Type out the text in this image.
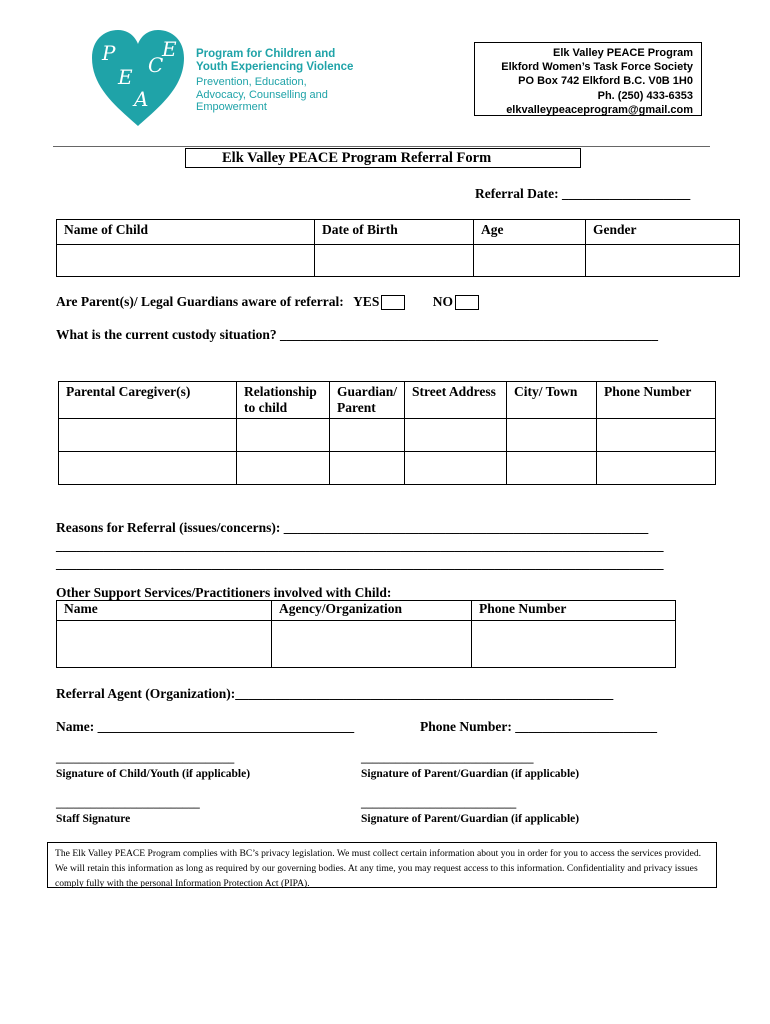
P
E
A
C
E Program for Children and Youth Experiencing Violence
Prevention, Education, Advocacy, Counselling and Empowerment
Elk Valley PEACE Program
Elkford Women’s Task Force Society
PO Box 742 Elkford B.C. V0B 1H0
Ph. (250) 433-6353
elkvalleypeaceprogram@gmail.com
Elk Valley PEACE Program Referral Form
Referral Date: ___________________
Name of Child	Date of Birth	Age	Gender

Are Parent(s)/ Legal Guardians aware of referral: YES	NO
What is the current custody situation? ________________________________________________________
Parental Caregiver(s)	Relationship to child	Guardian/ Parent	Street Address	City/ Town	Phone Number

Reasons for Referral (issues/concerns): ______________________________________________________
__________________________________________________________________________________________
__________________________________________________________________________________________
Other Support Services/Practitioners involved with Child:
Name	Agency/Organization	Phone Number

Referral Agent (Organization):________________________________________________________
Name: ______________________________________	Phone Number: _____________________
_______________________________
Signature of Child/Youth (if applicable)
______________________________
Signature of Parent/Guardian (if applicable)
_________________________
Staff Signature
___________________________
Signature of Parent/Guardian (if applicable)
The Elk Valley PEACE Program complies with BC’s privacy legislation. We must collect certain information about you in order for you to access the services provided. We will retain this information as long as required by our governing bodies. At any time, you may request access to this information. Confidentiality and privacy issues comply fully with the personal Information Protection Act (PIPA).
